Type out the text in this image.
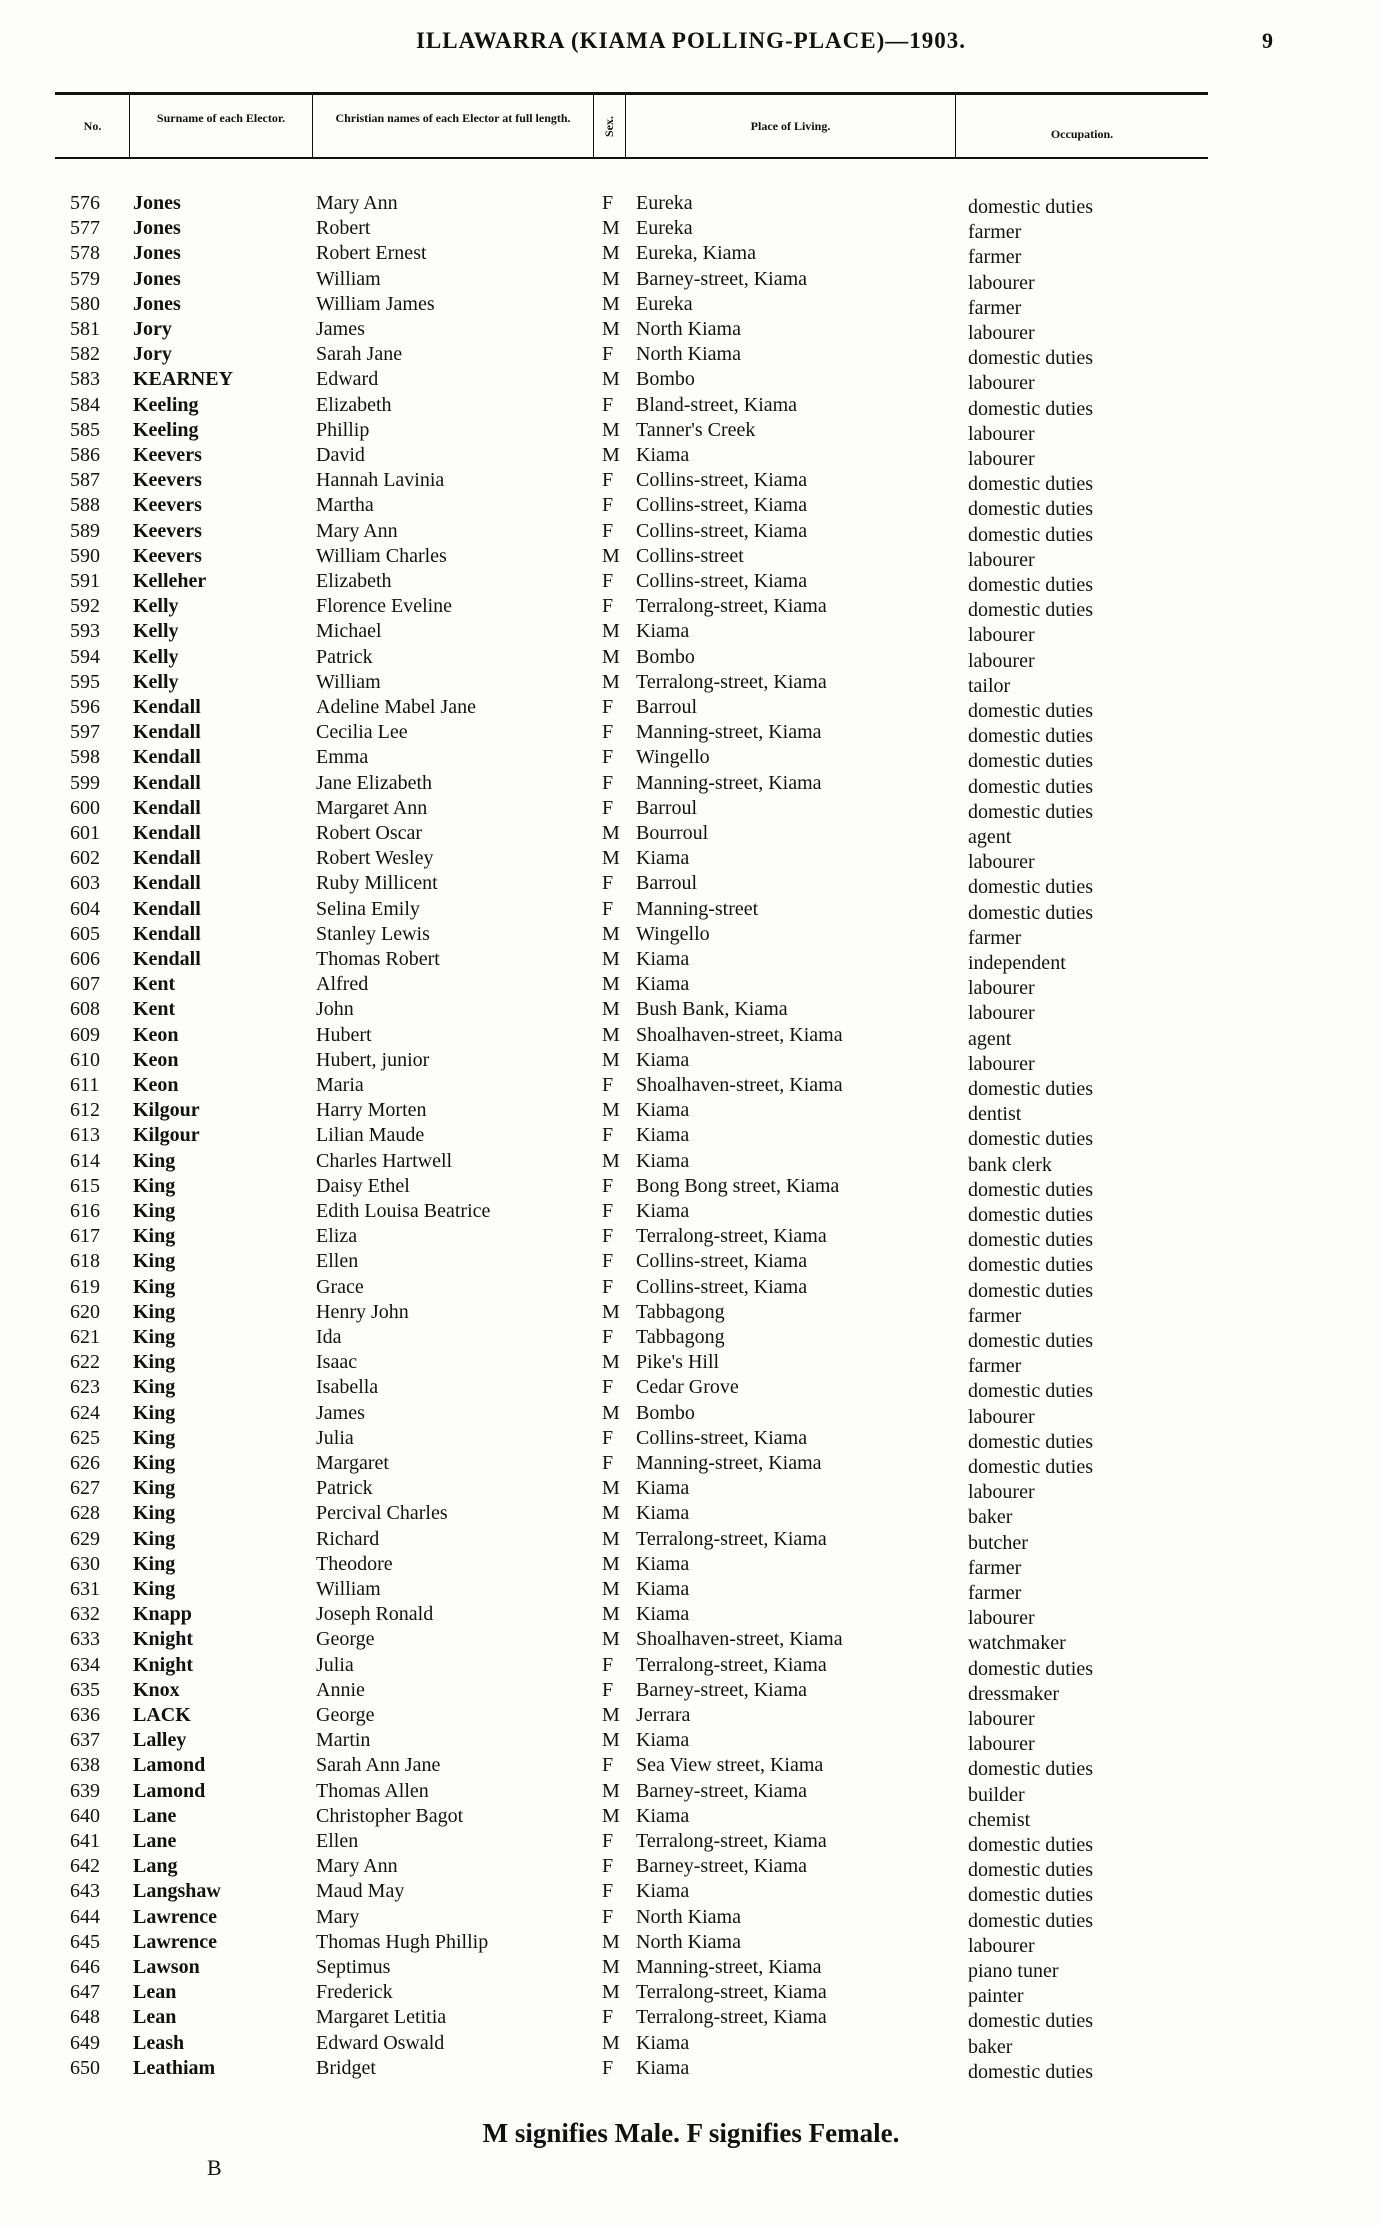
ILLAWARRA (KIAMA POLLING-PLACE)—1903.	9
No.
Surname of each Elector.	Christian names of each Elector at full length.	Sex.	Place of Living.
Occupation.
576 Jones	Mary Ann	F Eureka	domestic duties
577 Jones	Robert	M Eureka	farmer
578 Jones	Robert Ernest	M Eureka, Kiama	farmer
579 Jones	William	M Barney-street, Kiama	labourer
580 Jones	William James	M Eureka	farmer
581 Jory	James	M North Kiama	labourer
582 Jory	Sarah Jane	F North Kiama	domestic duties
583 KEARNEY	Edward	M Bombo	labourer
584 Keeling	Elizabeth	F Bland-street, Kiama	domestic duties
585 Keeling	Phillip	M Tanner's Creek	labourer
586 Keevers	David	M Kiama	labourer
587 Keevers	Hannah Lavinia	F Collins-street, Kiama	domestic duties
588 Keevers	Martha	F Collins-street, Kiama	domestic duties
589 Keevers	Mary Ann	F Collins-street, Kiama	domestic duties
590 Keevers	William Charles	M Collins-street	labourer
591 Kelleher	Elizabeth	F Collins-street, Kiama	domestic duties
592 Kelly	Florence Eveline	F Terralong-street, Kiama	domestic duties
593 Kelly	Michael	M Kiama	labourer
594 Kelly	Patrick	M Bombo	labourer
595 Kelly	William	M Terralong-street, Kiama	tailor
596 Kendall	Adeline Mabel Jane	F Barroul	domestic duties
597 Kendall	Cecilia Lee	F Manning-street, Kiama	domestic duties
598 Kendall	Emma	F Wingello	domestic duties
599 Kendall	Jane Elizabeth	F Manning-street, Kiama	domestic duties
600 Kendall	Margaret Ann	F Barroul	domestic duties
601 Kendall	Robert Oscar	M Bourroul	agent
602 Kendall	Robert Wesley	M Kiama	labourer
603 Kendall	Ruby Millicent	F Barroul	domestic duties
604 Kendall	Selina Emily	F Manning-street	domestic duties
605 Kendall	Stanley Lewis	M Wingello	farmer
606 Kendall	Thomas Robert	M Kiama	independent
607 Kent	Alfred	M Kiama	labourer
608 Kent	John	M Bush Bank, Kiama	labourer
609 Keon	Hubert	M Shoalhaven-street, Kiama	agent
610 Keon	Hubert, junior	M Kiama	labourer
611 Keon	Maria	F Shoalhaven-street, Kiama	domestic duties
612 Kilgour	Harry Morten	M Kiama	dentist
613 Kilgour	Lilian Maude	F Kiama	domestic duties
614 King	Charles Hartwell	M Kiama	bank clerk
615 King	Daisy Ethel	F Bong Bong street, Kiama	domestic duties
616 King	Edith Louisa Beatrice	F Kiama	domestic duties
617 King	Eliza	F Terralong-street, Kiama	domestic duties
618 King	Ellen	F Collins-street, Kiama	domestic duties
619 King	Grace	F Collins-street, Kiama	domestic duties
620 King	Henry John	M Tabbagong	farmer
621 King	Ida	F Tabbagong	domestic duties
622 King	Isaac	M Pike's Hill	farmer
623 King	Isabella	F Cedar Grove	domestic duties
624 King	James	M Bombo	labourer
625 King	Julia	F Collins-street, Kiama	domestic duties
626 King	Margaret	F Manning-street, Kiama	domestic duties
627 King	Patrick	M Kiama	labourer
628 King	Percival Charles	M Kiama	baker
629 King	Richard	M Terralong-street, Kiama	butcher
630 King	Theodore	M Kiama	farmer
631 King	William	M Kiama	farmer
632 Knapp	Joseph Ronald	M Kiama	labourer
633 Knight	George	M Shoalhaven-street, Kiama	watchmaker
634 Knight	Julia	F Terralong-street, Kiama	domestic duties
635 Knox	Annie	F Barney-street, Kiama	dressmaker
636 LACK	George	M Jerrara	labourer
637 Lalley	Martin	M Kiama	labourer
638 Lamond	Sarah Ann Jane	F Sea View street, Kiama	domestic duties
639 Lamond	Thomas Allen	M Barney-street, Kiama	builder
640 Lane	Christopher Bagot	M Kiama	chemist
641 Lane	Ellen	F Terralong-street, Kiama	domestic duties
642 Lang	Mary Ann	F Barney-street, Kiama	domestic duties
643 Langshaw	Maud May	F Kiama	domestic duties
644 Lawrence	Mary	F North Kiama	domestic duties
645 Lawrence	Thomas Hugh Phillip	M North Kiama	labourer
646 Lawson	Septimus	M Manning-street, Kiama	piano tuner
647 Lean	Frederick	M Terralong-street, Kiama	painter
648 Lean	Margaret Letitia	F Terralong-street, Kiama	domestic duties
649 Leash	Edward Oswald	M Kiama	baker
650 Leathiam	Bridget	F Kiama	domestic duties
M signifies Male. F signifies Female.
B
